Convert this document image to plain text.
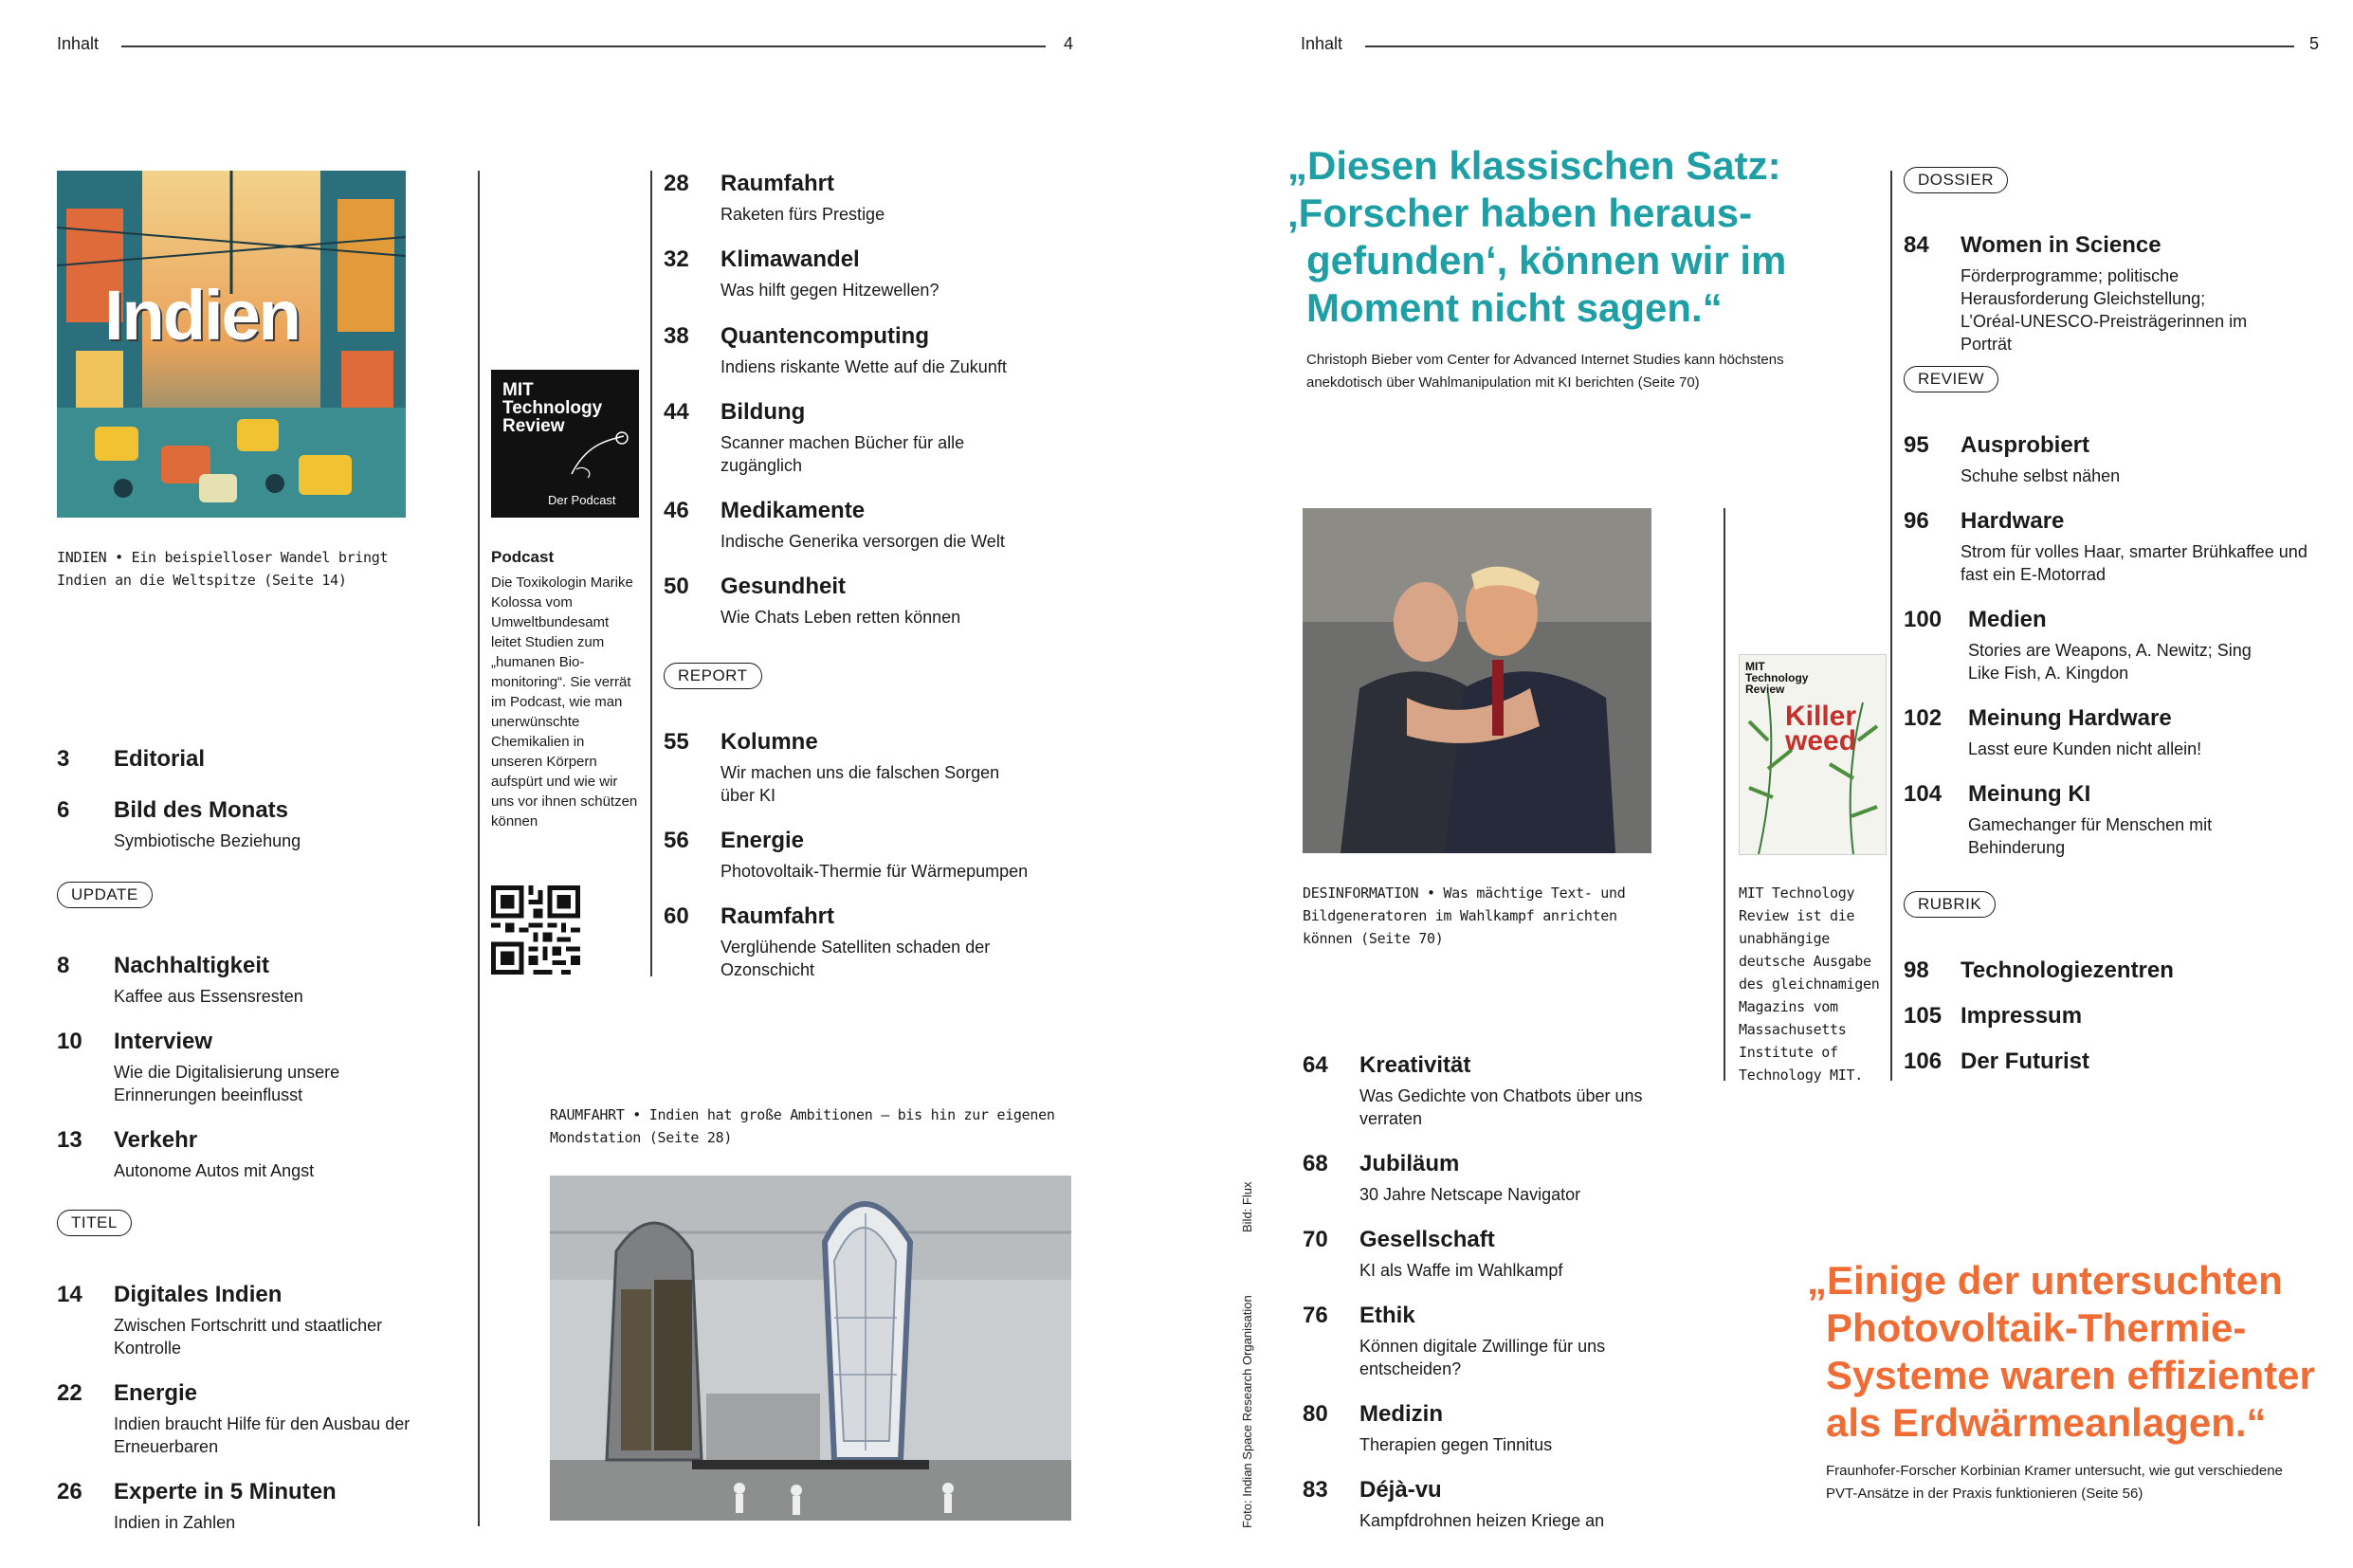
Inhalt	4
Indien
INDIEN • Ein beispielloser Wandel bringt Indien an die Weltspitze (Seite 14)
3 Editorial
6 Bild des Monats
Symbiotische Beziehung
UPDATE
8 Nachhaltigkeit
Kaffee aus Essensresten
10 Interview
Wie die Digitalisierung unsere Erinnerungen beeinflusst
13 Verkehr
Autonome Autos mit Angst
TITEL
14 Digitales Indien
Zwischen Fortschritt und staatlicher Kontrolle
22 Energie
Indien braucht Hilfe für den Ausbau der Erneuerbaren
26 Experte in 5 Minuten
Indien in Zahlen
MIT Technology Review
Der Podcast
Podcast
Die Toxikologin Marike Kolossa vom Umweltbundesamt leitet Studien zum „humanen Bio-monitoring“. Sie verrät im Podcast, wie man unerwünschte Chemikalien in unseren Körpern aufspürt und wie wir uns vor ihnen schützen können
28 Raumfahrt
Raketen fürs Prestige
32 Klimawandel
Was hilft gegen Hitzewellen?
38 Quantencomputing
Indiens riskante Wette auf die Zukunft
44 Bildung
Scanner machen Bücher für alle zugänglich
46 Medikamente
Indische Generika versorgen die Welt
50 Gesundheit
Wie Chats Leben retten können
REPORT
55 Kolumne
Wir machen uns die falschen Sorgen über KI
56 Energie
Photovoltaik-Thermie für Wärmepumpen
60 Raumfahrt
Verglühende Satelliten schaden der Ozonschicht
RAUMFAHRT • Indien hat große Ambitionen – bis hin zur eigenen Mondstation (Seite 28)
Inhalt	5
„Diesen klassischen Satz:
‚Forscher haben heraus-
gefunden‘, können wir im
Moment nicht sagen.“
Christoph Bieber vom Center for Advanced Internet Studies kann höchstens anekdotisch über Wahlmanipulation mit KI berichten (Seite 70)
DESINFORMATION • Was mächtige Text- und Bildgeneratoren im Wahlkampf anrichten können (Seite 70)
Bild: Flux
Foto: Indian Space Research Organisation
MIT Technology Review
Killer weed
MIT Technology Review ist die unabhängige deutsche Ausgabe des gleichnamigen Magazins vom Massachusetts Institute of Technology MIT.
64 Kreativität
Was Gedichte von Chatbots über uns verraten
68 Jubiläum
30 Jahre Netscape Navigator
70 Gesellschaft
KI als Waffe im Wahlkampf
76 Ethik
Können digitale Zwillinge für uns entscheiden?
80 Medizin
Therapien gegen Tinnitus
83 Déjà-vu
Kampfdrohnen heizen Kriege an
DOSSIER
84 Women in Science
Förderprogramme; politische Herausforderung Gleichstellung; L’Oréal-UNESCO-Preisträgerinnen im Porträt
REVIEW
95 Ausprobiert
Schuhe selbst nähen
96 Hardware
Strom für volles Haar, smarter Brühkaffee und fast ein E-Motorrad
100 Medien
Stories are Weapons, A. Newitz; Sing Like Fish, A. Kingdon
102 Meinung Hardware
Lasst eure Kunden nicht allein!
104 Meinung KI
Gamechanger für Menschen mit Behinderung
RUBRIK
98 Technologiezentren
105 Impressum
106 Der Futurist
„Einige der untersuchten
Photovoltaik-Thermie-
Systeme waren effizienter
als Erdwärmeanlagen.“
Fraunhofer-Forscher Korbinian Kramer untersucht, wie gut verschiedene PVT-Ansätze in der Praxis funktionieren (Seite 56)
